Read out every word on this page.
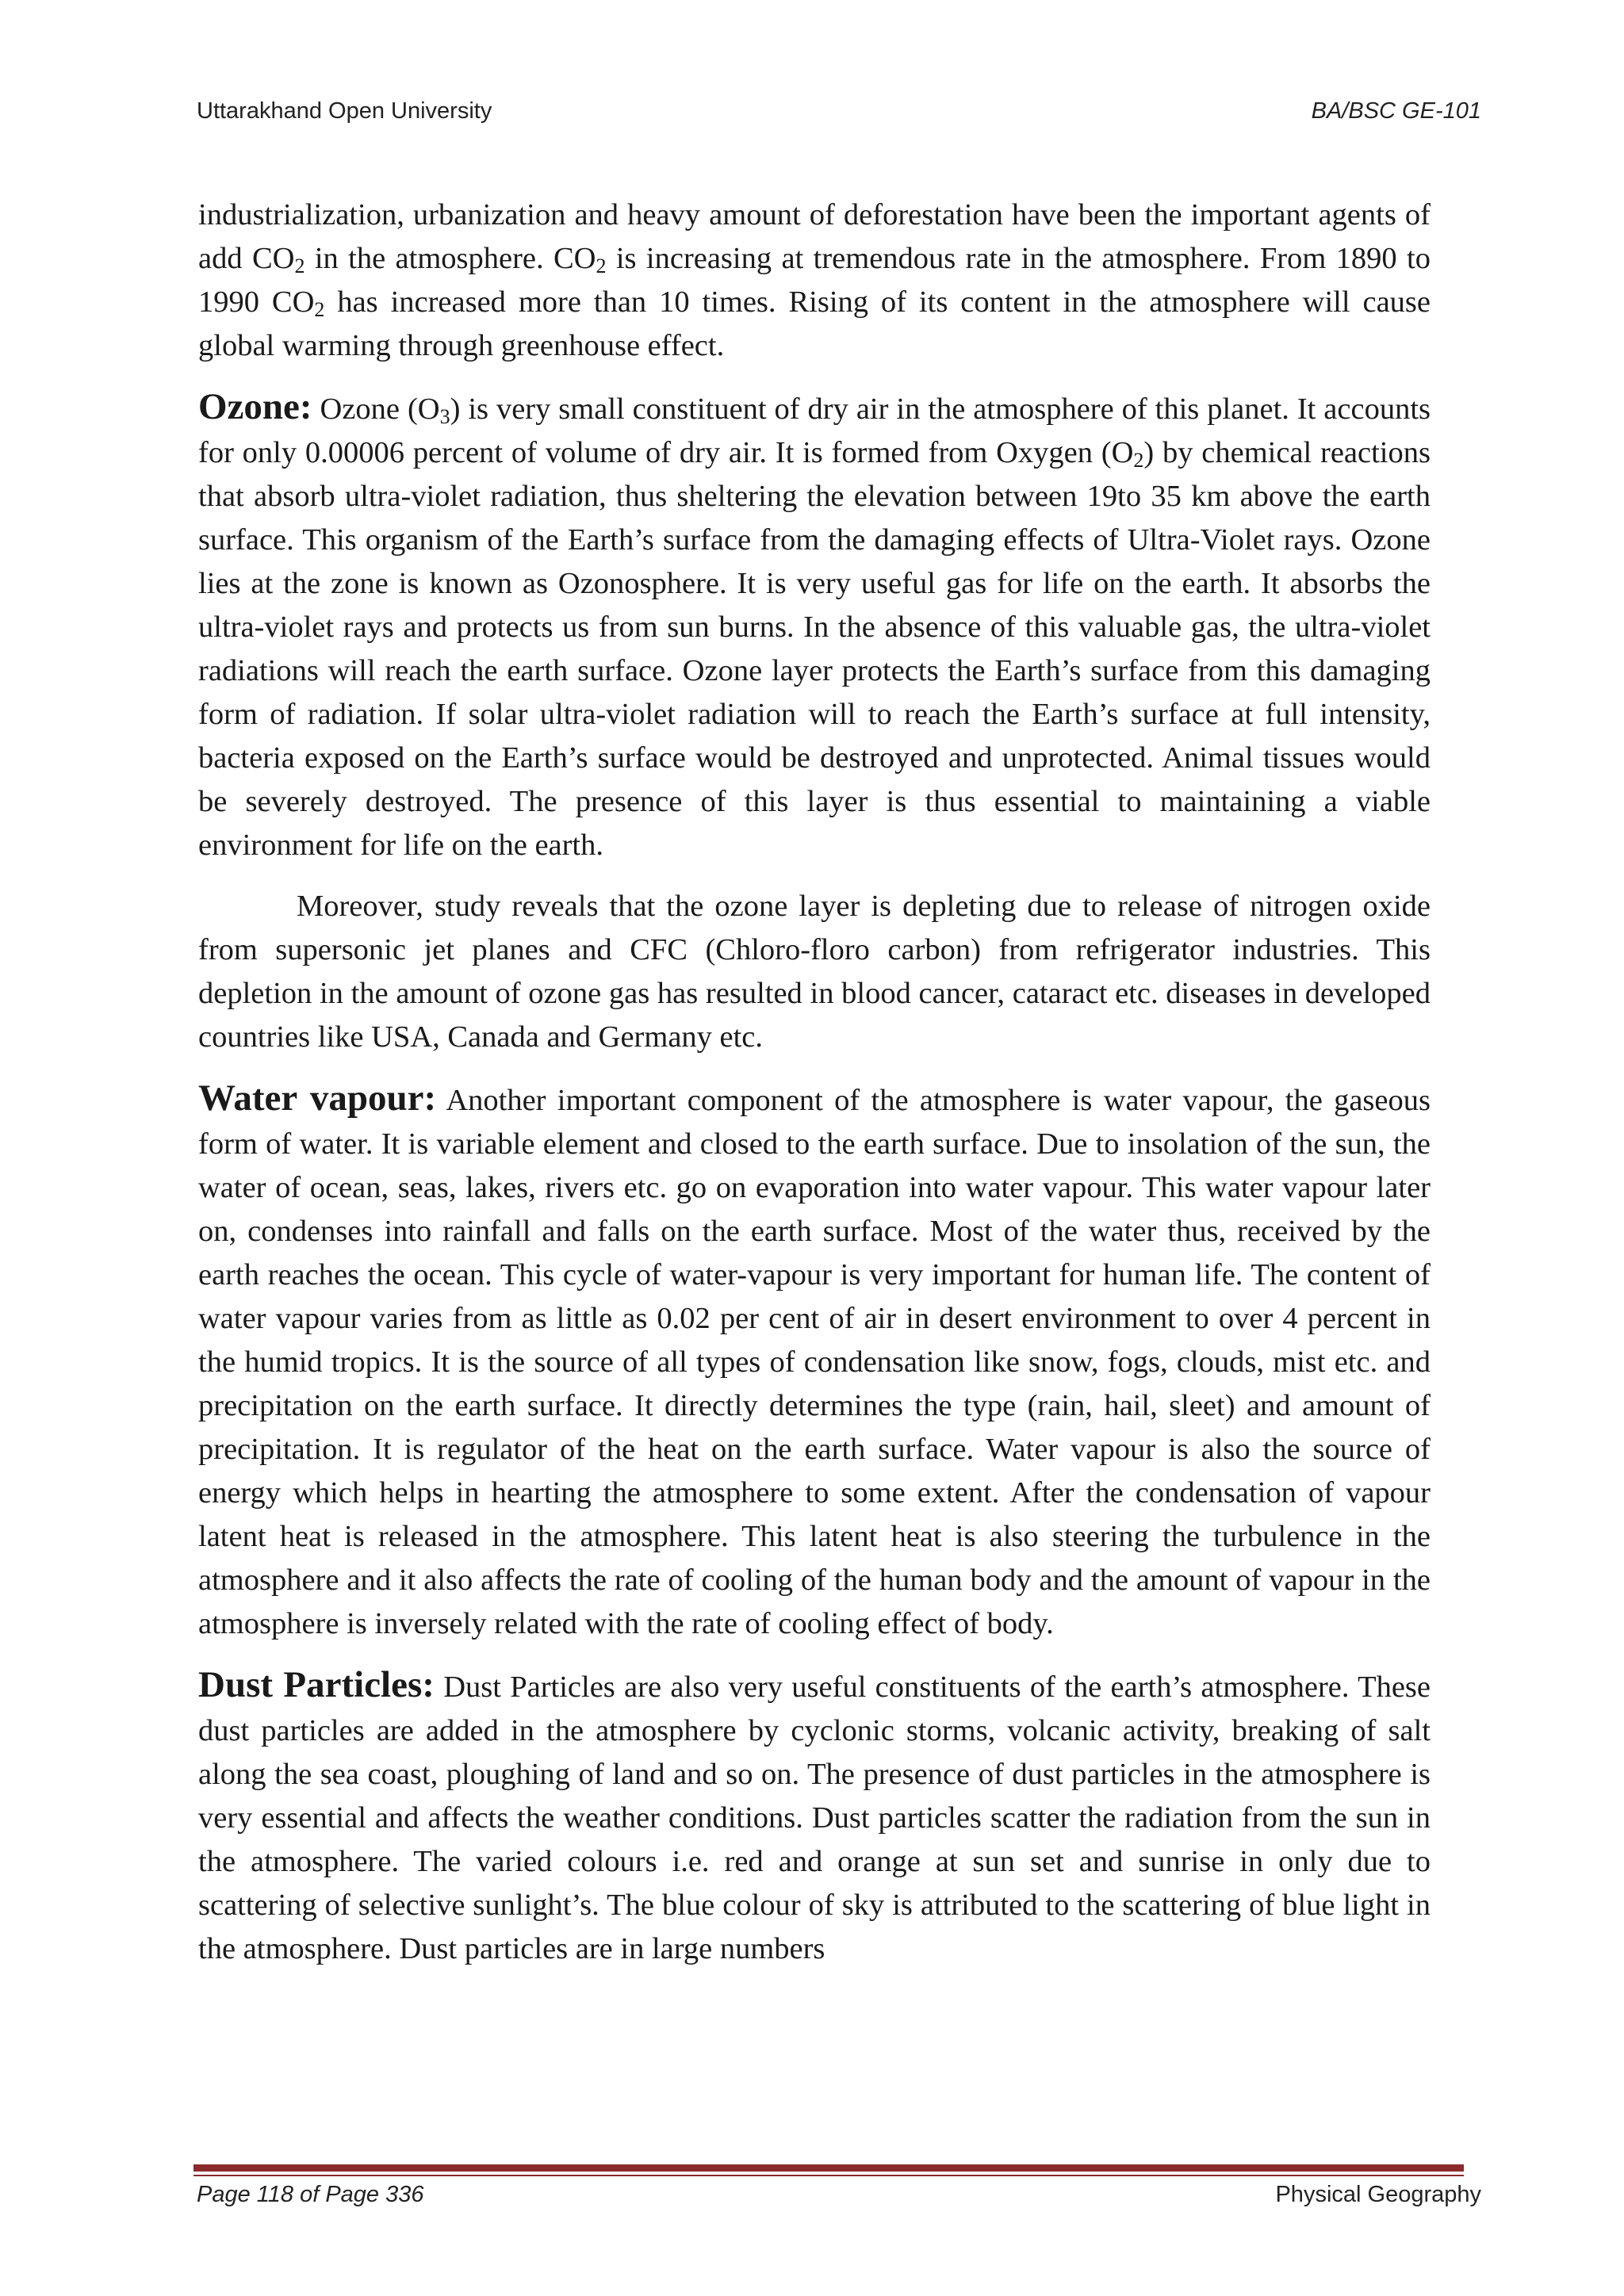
Uttarakhand Open University	BA/BSC GE-101

industrialization, urbanization and heavy amount of deforestation have been the important agents of add $CO_2$ in the atmosphere. $CO_2$ is increasing at tremendous rate in the atmosphere. From 1890 to 1990 $CO_2$ has increased more than 10 times. Rising of its content in the atmosphere will cause global warming through greenhouse effect.

Ozone: Ozone $(O_3)$ is very small constituent of dry air in the atmosphere of this planet. It accounts for only 0.00006 percent of volume of dry air. It is formed from Oxygen $(O_2)$ by chemical reactions that absorb ultra-violet radiation, thus sheltering the elevation between 19to 35 km above the earth surface. This organism of the Earth’s surface from the damaging effects of Ultra-Violet rays. Ozone lies at the zone is known as Ozonosphere. It is very useful gas for life on the earth. It absorbs the ultra-violet rays and protects us from sun burns. In the absence of this valuable gas, the ultra-violet radiations will reach the earth surface. Ozone layer protects the Earth’s surface from this damaging form of radiation. If solar ultra-violet radiation will to reach the Earth’s surface at full intensity, bacteria exposed on the Earth’s surface would be destroyed and unprotected. Animal tissues would be severely destroyed. The presence of this layer is thus essential to maintaining a viable environment for life on the earth.

Moreover, study reveals that the ozone layer is depleting due to release of nitrogen oxide from supersonic jet planes and CFC (Chloro-floro carbon) from refrigerator industries. This depletion in the amount of ozone gas has resulted in blood cancer, cataract etc. diseases in developed countries like USA, Canada and Germany etc.

Water vapour: Another important component of the atmosphere is water vapour, the gaseous form of water. It is variable element and closed to the earth surface. Due to insolation of the sun, the water of ocean, seas, lakes, rivers etc. go on evaporation into water vapour. This water vapour later on, condenses into rainfall and falls on the earth surface. Most of the water thus, received by the earth reaches the ocean. This cycle of water-vapour is very important for human life. The content of water vapour varies from as little as 0.02 per cent of air in desert environment to over 4 percent in the humid tropics. It is the source of all types of condensation like snow, fogs, clouds, mist etc. and precipitation on the earth surface. It directly determines the type (rain, hail, sleet) and amount of precipitation. It is regulator of the heat on the earth surface. Water vapour is also the source of energy which helps in hearting the atmosphere to some extent. After the condensation of vapour latent heat is released in the atmosphere. This latent heat is also steering the turbulence in the atmosphere and it also affects the rate of cooling of the human body and the amount of vapour in the atmosphere is inversely related with the rate of cooling effect of body.

Dust Particles: Dust Particles are also very useful constituents of the earth’s atmosphere. These dust particles are added in the atmosphere by cyclonic storms, volcanic activity, breaking of salt along the sea coast, ploughing of land and so on. The presence of dust particles in the atmosphere is very essential and affects the weather conditions. Dust particles scatter the radiation from the sun in the atmosphere. The varied colours i.e. red and orange at sun set and sunrise in only due to scattering of selective sunlight’s. The blue colour of sky is attributed to the scattering of blue light in the atmosphere. Dust particles are in large numbers

Page 118 of Page 336	Physical Geography
